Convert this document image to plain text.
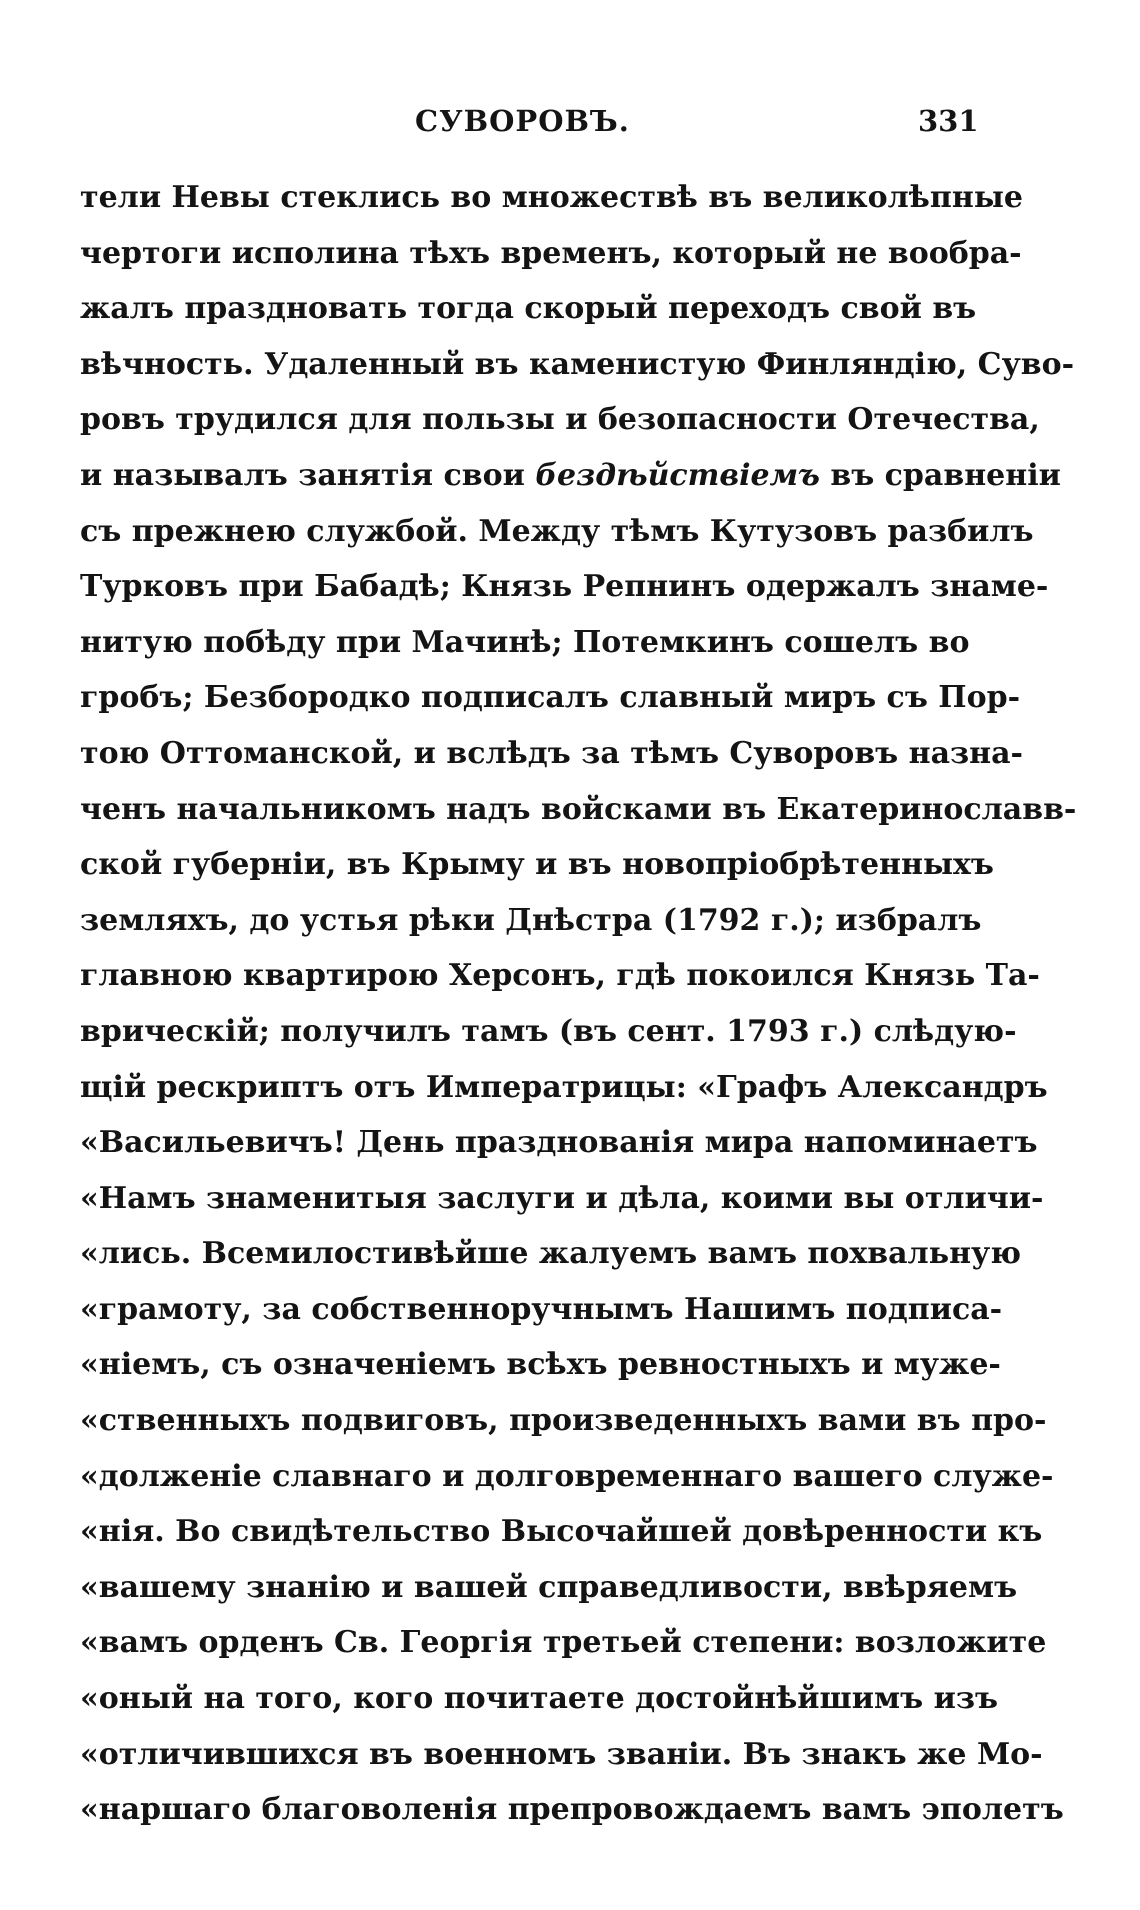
СУВОРОВЪ.	331
тели Невы стеклись во множествѣ въ великолѣпные
чертоги исполина тѣхъ временъ, который не вообра-
жалъ праздновать тогда скорый переходъ свой въ
вѣчность. Удаленный въ каменистую Финляндію, Суво-
ровъ трудился для пользы и безопасности Отечества,
и называлъ занятія свои бездѣйствіемъ въ сравненіи
съ прежнею службой. Между тѣмъ Кутузовъ разбилъ
Турковъ при Бабадѣ; Князь Репнинъ одержалъ знаме-
нитую побѣду при Мачинѣ; Потемкинъ сошелъ во
гробъ; Безбородко подписалъ славный миръ съ Пор-
тою Оттоманской, и вслѣдъ за тѣмъ Суворовъ назна-
ченъ начальникомъ надъ войсками въ Екатеринославв-
ской губерніи, въ Крыму и въ новопріобрѣтенныхъ
земляхъ, до устья рѣки Днѣстра (1792 г.); избралъ
главною квартирою Херсонъ, гдѣ покоился Князь Та-
врическій; получилъ тамъ (въ сент. 1793 г.) слѣдую-
щій рескриптъ отъ Императрицы: «Графъ Александръ
«Васильевичъ! День празднованія мира напоминаетъ
«Намъ знаменитыя заслуги и дѣла, коими вы отличи-
«лись. Всемилостивѣйше жалуемъ вамъ похвальную
«грамоту, за собственноручнымъ Нашимъ подписа-
«ніемъ, съ означеніемъ всѣхъ ревностныхъ и муже-
«ственныхъ подвиговъ, произведенныхъ вами въ про-
«долженіе славнаго и долговременнаго вашего служе-
«нія. Во свидѣтельство Высочайшей довѣренности къ
«вашему знанію и вашей справедливости, ввѣряемъ
«вамъ орденъ Св. Георгія третьей степени: возложите
«оный на того, кого почитаете достойнѣйшимъ изъ
«отличившихся въ военномъ званіи. Въ знакъ же Мо-
«наршаго благоволенія препровождаемъ вамъ эполетъ
